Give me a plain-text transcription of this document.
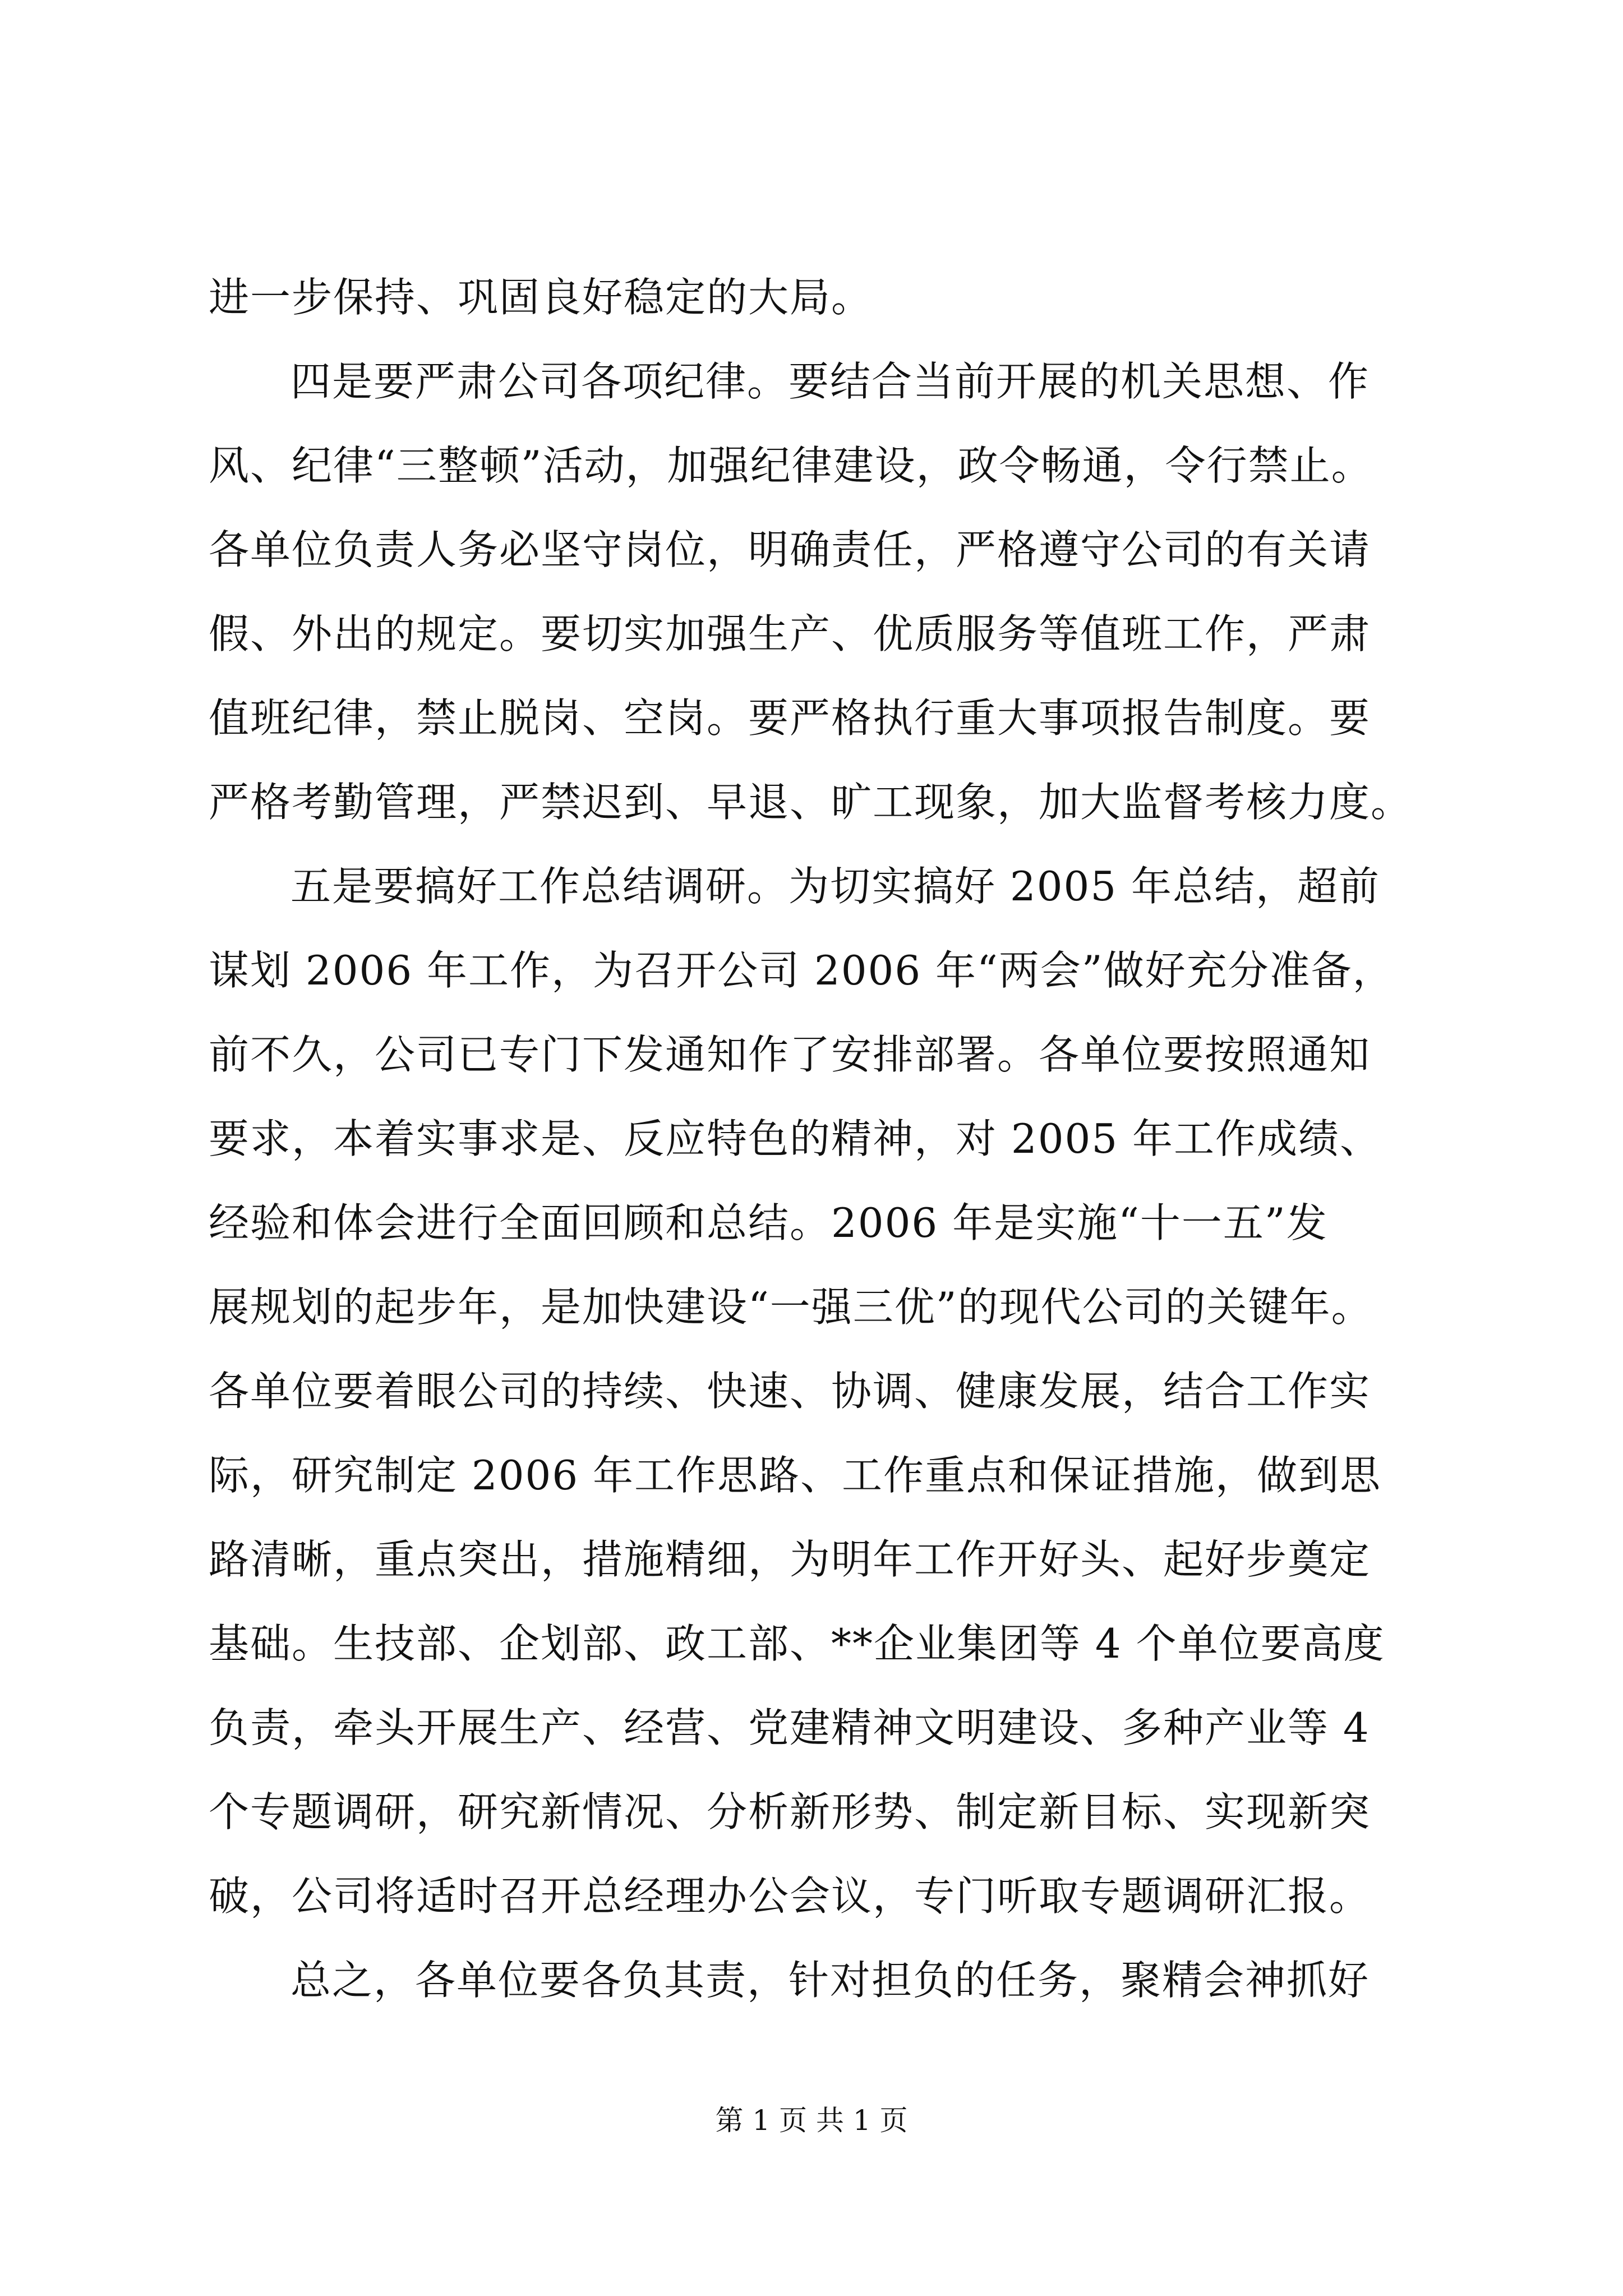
进一步保持、巩固良好稳定的大局。
四是要严肃公司各项纪律。要结合当前开展的机关思想、作
风、纪律“三整顿”活动，加强纪律建设，政令畅通，令行禁止。
各单位负责人务必坚守岗位，明确责任，严格遵守公司的有关请
假、外出的规定。要切实加强生产、优质服务等值班工作，严肃
值班纪律，禁止脱岗、空岗。要严格执行重大事项报告制度。要
严格考勤管理，严禁迟到、早退、旷工现象，加大监督考核力度。
五是要搞好工作总结调研。为切实搞好 2005 年总结，超前
谋划 2006 年工作，为召开公司 2006 年“两会”做好充分准备，
前不久，公司已专门下发通知作了安排部署。各单位要按照通知
要求，本着实事求是、反应特色的精神，对 2005 年工作成绩、
经验和体会进行全面回顾和总结。2006 年是实施“十一五”发
展规划的起步年，是加快建设“一强三优”的现代公司的关键年。
各单位要着眼公司的持续、快速、协调、健康发展，结合工作实
际，研究制定 2006 年工作思路、工作重点和保证措施，做到思
路清晰，重点突出，措施精细，为明年工作开好头、起好步奠定
基础。生技部、企划部、政工部、**企业集团等 4 个单位要高度
负责，牵头开展生产、经营、党建精神文明建设、多种产业等 4
个专题调研，研究新情况、分析新形势、制定新目标、实现新突
破，公司将适时召开总经理办公会议，专门听取专题调研汇报。
总之，各单位要各负其责，针对担负的任务，聚精会神抓好
第 1 页 共 1 页
